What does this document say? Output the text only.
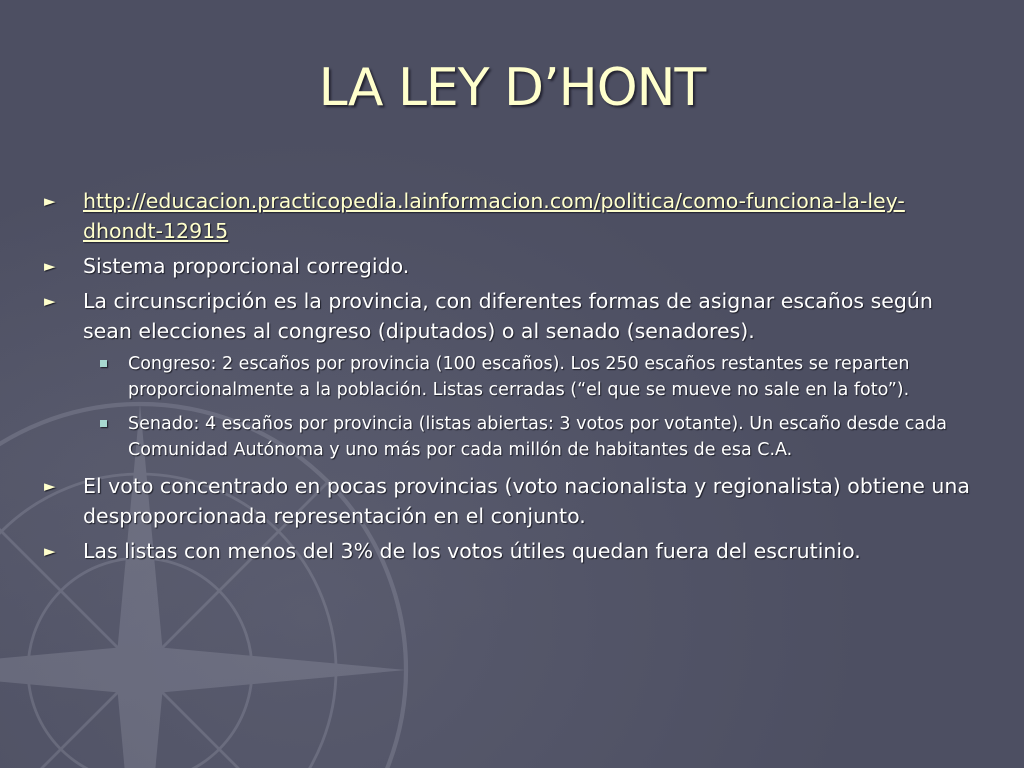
LA LEY D’HONT
► http://educacion.practicopedia.lainformacion.com/politica/como-funciona-la-ley-dhondt-12915
► Sistema proporcional corregido.
► La circunscripción es la provincia, con diferentes formas de asignar escaños según sean elecciones al congreso (diputados) o al senado (senadores).
Congreso: 2 escaños por provincia (100 escaños). Los 250 escaños restantes se reparten proporcionalmente a la población. Listas cerradas (“el que se mueve no sale en la foto”).
Senado: 4 escaños por provincia (listas abiertas: 3 votos por votante). Un escaño desde cada Comunidad Autónoma y uno más por cada millón de habitantes de esa C.A.
► El voto concentrado en pocas provincias (voto nacionalista y regionalista) obtiene una desproporcionada representación en el conjunto.
► Las listas con menos del 3% de los votos útiles quedan fuera del escrutinio.
